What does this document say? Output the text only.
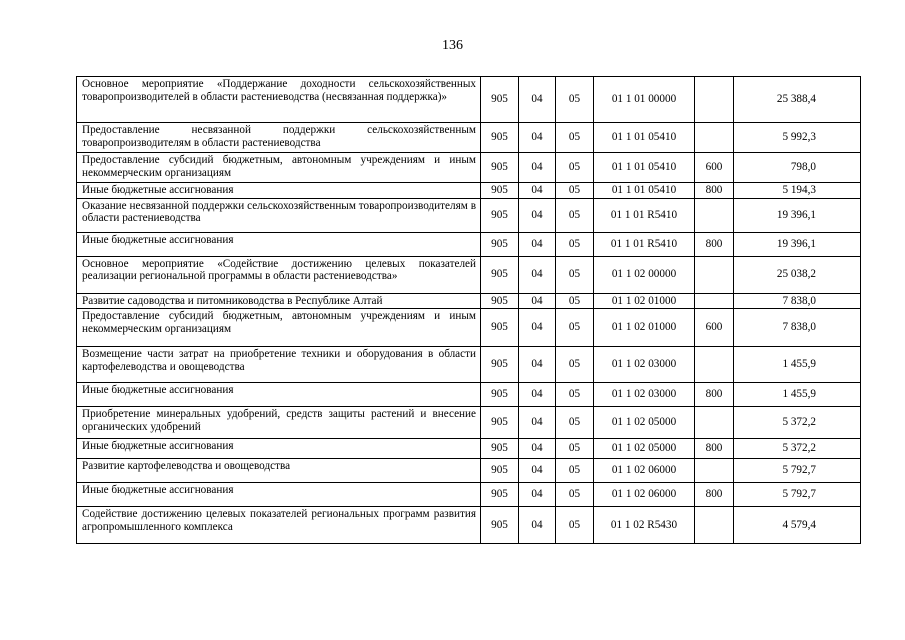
136
Основное мероприятие «Поддержание доходности сельскохозяйственных товаропроизводителей в области растениеводства (несвязанная поддержка)»	905	04	05	01 1 01 00000		25 388,4
Предоставление несвязанной поддержки сельскохозяйственным товаропроизводителям в области растениеводства	905	04	05	01 1 01 05410		5 992,3
Предоставление субсидий бюджетным, автономным учреждениям и иным некоммерческим организациям	905	04	05	01 1 01 05410	600	798,0
Иные бюджетные ассигнования	905	04	05	01 1 01 05410	800	5 194,3
Оказание несвязанной поддержки сельскохозяйственным товаропроизводителям в области растениеводства	905	04	05	01 1 01 R5410		19 396,1
Иные бюджетные ассигнования	905	04	05	01 1 01 R5410	800	19 396,1
Основное мероприятие «Содействие достижению целевых показателей реализации региональной программы в области растениеводства»	905	04	05	01 1 02 00000		25 038,2
Развитие садоводства и питомниководства в Республике Алтай	905	04	05	01 1 02 01000		7 838,0
Предоставление субсидий бюджетным, автономным учреждениям и иным некоммерческим организациям	905	04	05	01 1 02 01000	600	7 838,0
Возмещение части затрат на приобретение техники и оборудования в области картофелеводства и овощеводства	905	04	05	01 1 02 03000		1 455,9
Иные бюджетные ассигнования	905	04	05	01 1 02 03000	800	1 455,9
Приобретение минеральных удобрений, средств защиты растений и внесение органических удобрений	905	04	05	01 1 02 05000		5 372,2
Иные бюджетные ассигнования	905	04	05	01 1 02 05000	800	5 372,2
Развитие картофелеводства и овощеводства	905	04	05	01 1 02 06000		5 792,7
Иные бюджетные ассигнования	905	04	05	01 1 02 06000	800	5 792,7
Содействие достижению целевых показателей региональных программ развития агропромышленного комплекса	905	04	05	01 1 02 R5430		4 579,4
